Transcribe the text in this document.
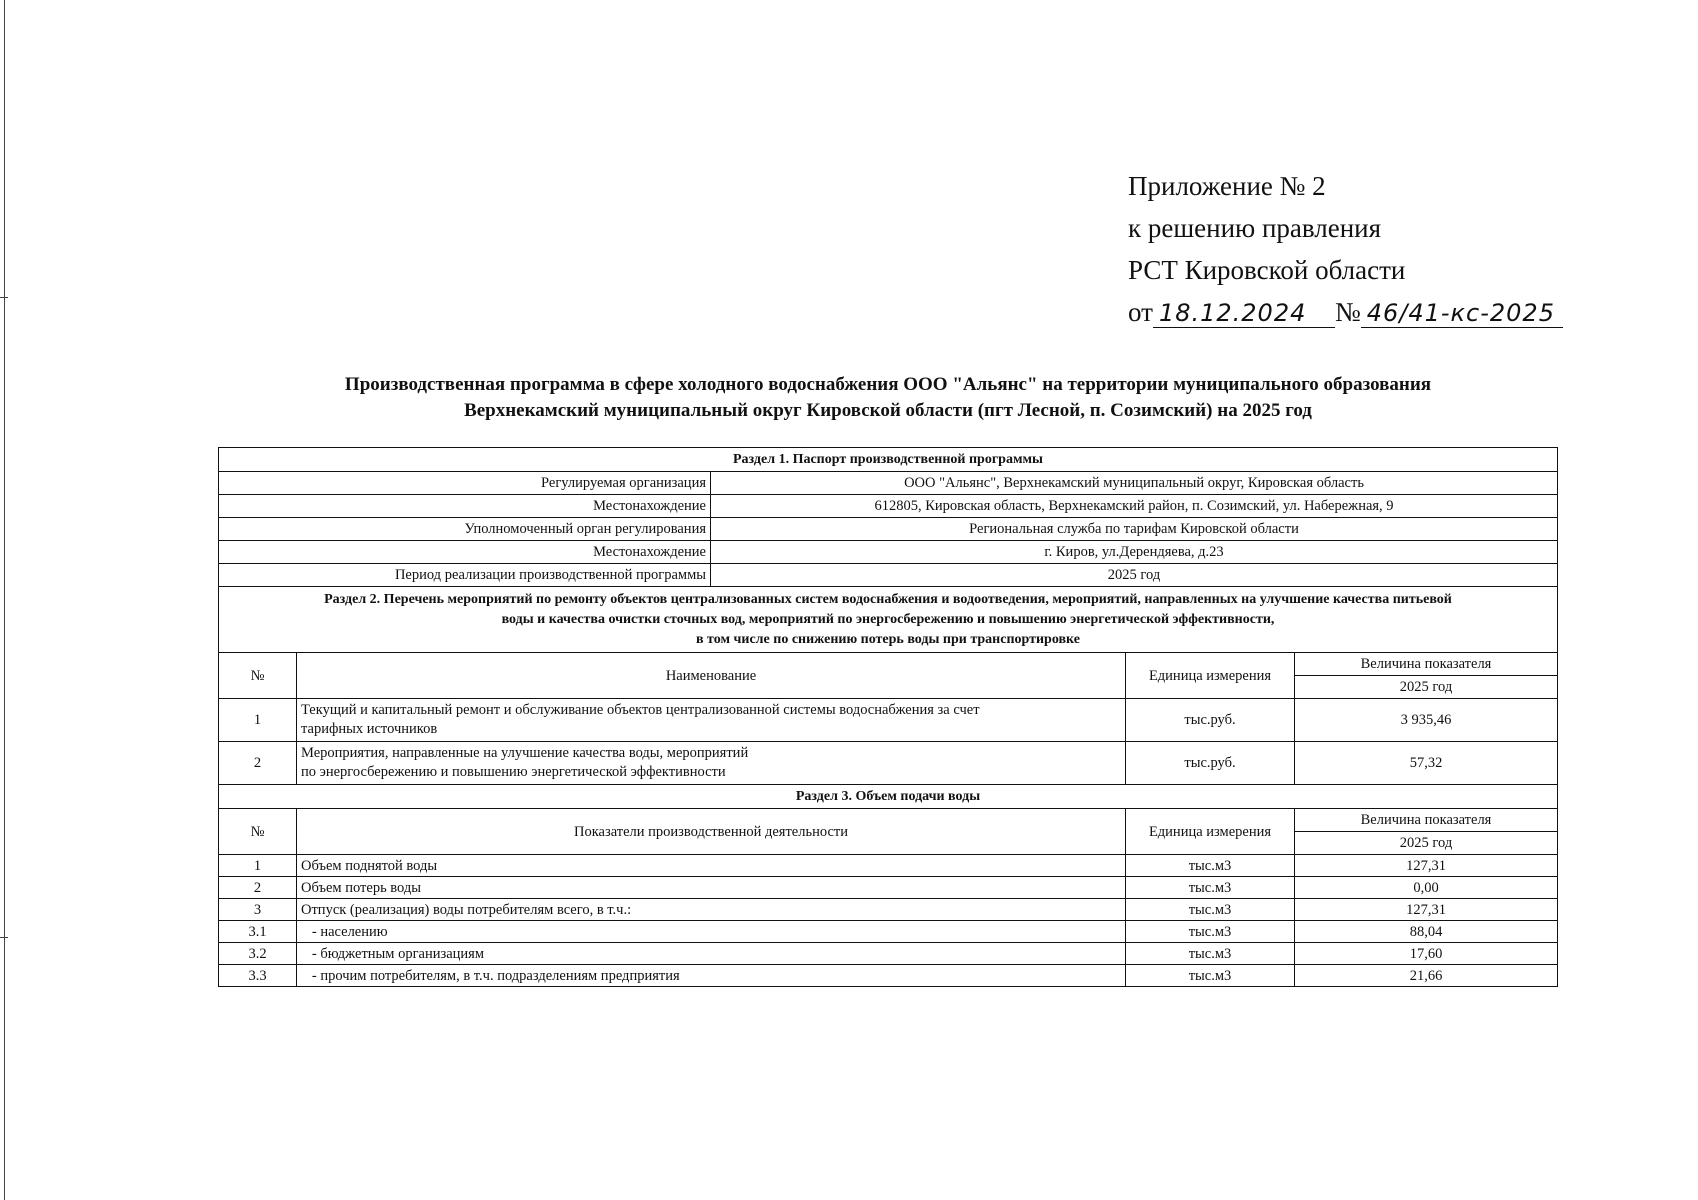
Приложение № 2
к решению правления
РСТ Кировской области
от 18.12.2024 № 46/41-кс-2025
Производственная программа в сфере холодного водоснабжения ООО "Альянс" на территории муниципального образования
Верхнекамский муниципальный округ Кировской области (пгт Лесной, п. Созимский) на 2025 год
Раздел 1. Паспорт производственной программы				
Регулируемая организация		ООО "Альянс", Верхнекамский муниципальный округ, Кировская область		
Местонахождение		612805, Кировская область, Верхнекамский район, п. Созимский, ул. Набережная, 9		
Уполномоченный орган регулирования		Региональная служба по тарифам Кировской области		
Местонахождение		г. Киров, ул.Дерендяева, д.23		
Период реализации производственной программы		2025 год		

Раздел 2. Перечень мероприятий по ремонту объектов централизованных систем водоснабжения и водоотведения, мероприятий, направленных на улучшение качества питьевой
воды и качества очистки сточных вод, мероприятий по энергосбережению и повышению энергетической эффективности,
в том числе по снижению потерь воды при транспортировке				

№	Наименование		Единица измерения	Величина показателя
				2025 год
1	Текущий и капитальный ремонт и обслуживание объектов централизованной системы водоснабжения за счет
тарифных источников		тыс.руб.	3 935,46
2	Мероприятия, направленные на улучшение качества воды, мероприятий
по энергосбережению и повышению энергетической эффективности		тыс.руб.	57,32
Раздел 3. Объем подачи воды				
№	Показатели производственной деятельности		Единица измерения	Величина показателя
				2025 год
1	Объем поднятой воды		тыс.м3	127,31
2	Объем потерь воды		тыс.м3	0,00
3	Отпуск (реализация) воды потребителям всего, в т.ч.:		тыс.м3	127,31
3.1	- населению		тыс.м3	88,04
3.2	- бюджетным организациям		тыс.м3	17,60
3.3	- прочим потребителям, в т.ч. подразделениям предприятия		тыс.м3	21,66
